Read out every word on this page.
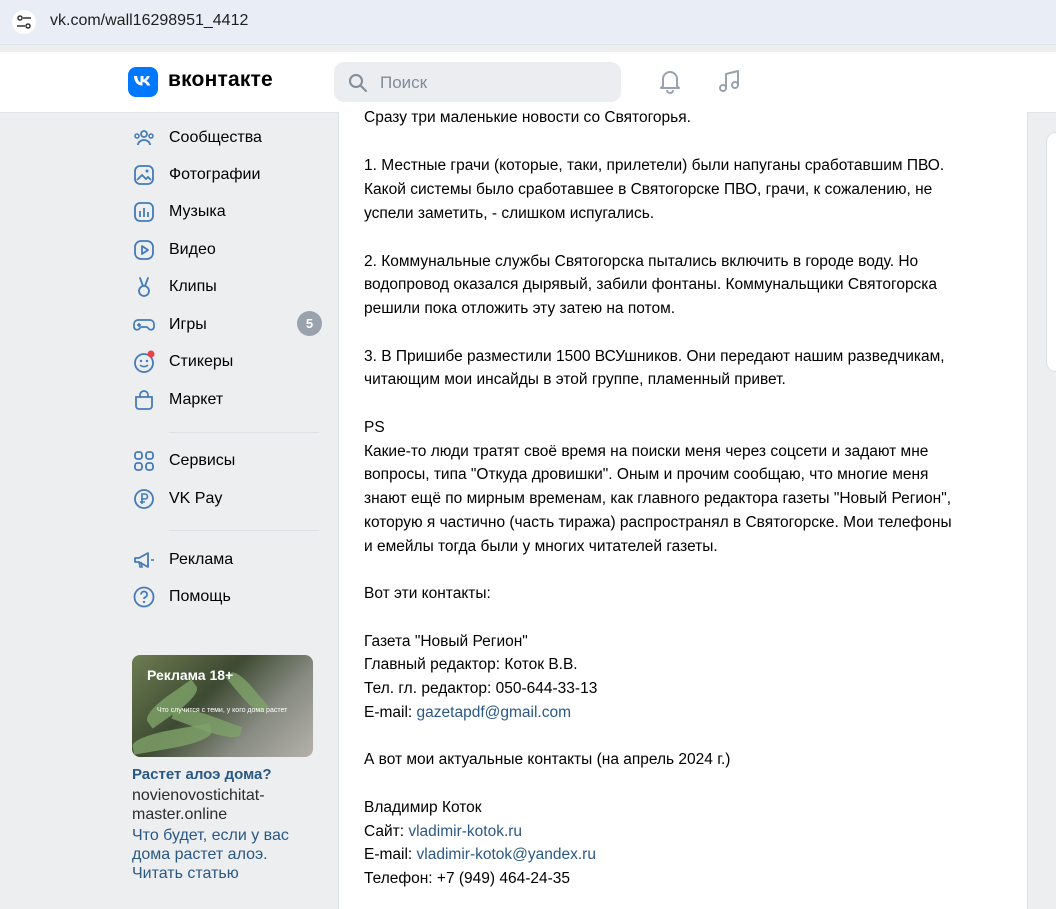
vk.com/wall16298951_4412
вконтакте
Поиск
Сообщества
Фотографии
Музыка
Видео
Клипы
Игры	5
Стикеры
Маркет
Сервисы
VK Pay
Реклама
Помощь
Реклама 18+
Что случится с теми, у кого дома растет
Растет алоэ дома?
novienovostichitat-master.online
Что будет, если у вас дома растет алоэ. Читать статью
Сразу три маленькие новости со Святогорья.
1. Местные грачи (которые, таки, прилетели) были напуганы сработавшим ПВО.
Какой системы было сработавшее в Святогорске ПВО, грачи, к сожалению, не
успели заметить, - слишком испугались.
2. Коммунальные службы Святогорска пытались включить в городе воду. Но
водопровод оказался дырявый, забили фонтаны. Коммунальщики Святогорска
решили пока отложить эту затею на потом.
3. В Пришибе разместили 1500 ВСУшников. Они передают нашим разведчикам,
читающим мои инсайды в этой группе, пламенный привет.
PS
Какие-то люди тратят своё время на поиски меня через соцсети и задают мне
вопросы, типа "Откуда дровишки". Оным и прочим сообщаю, что многие меня
знают ещё по мирным временам, как главного редактора газеты "Новый Регион",
которую я частично (часть тиража) распространял в Святогорске. Мои телефоны
и емейлы тогда были у многих читателей газеты.
Вот эти контакты:
Газета "Новый Регион"
Главный редактор: Коток В.В.
Тел. гл. редактор: 050-644-33-13
E-mail: gazetapdf@gmail.com
А вот мои актуальные контакты (на апрель 2024 г.)
Владимир Коток
Сайт: vladimir-kotok.ru
E-mail: vladimir-kotok@yandex.ru
Телефон: +7 (949) 464-24-35
